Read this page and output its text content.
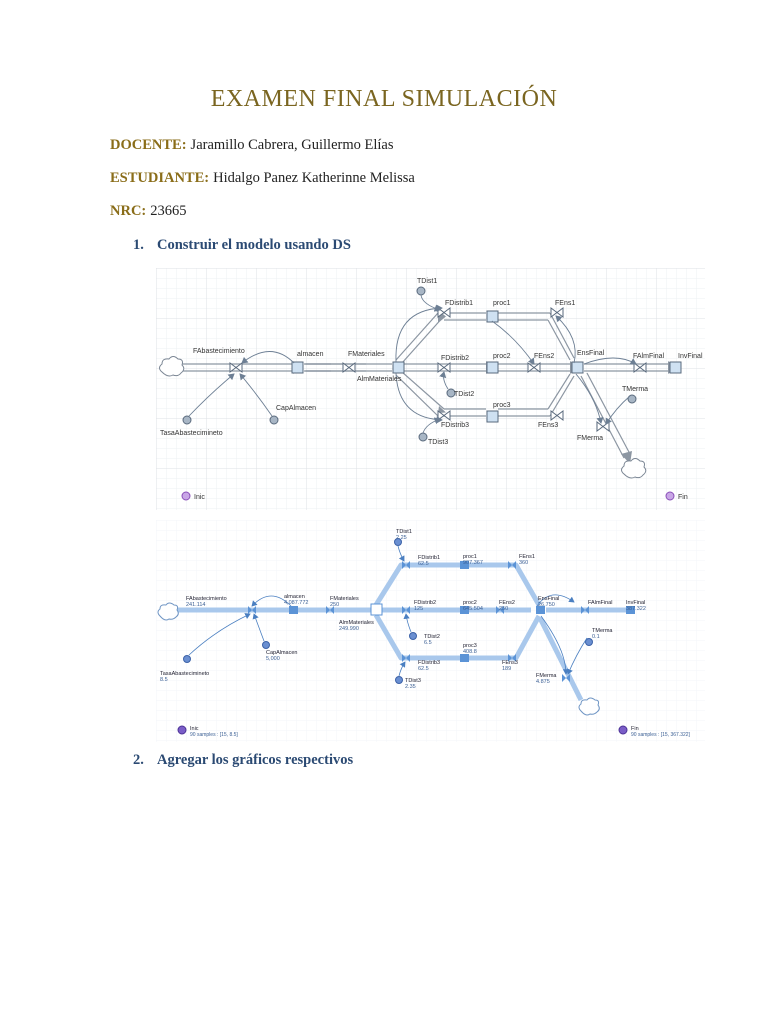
EXAMEN FINAL SIMULACIÓN
DOCENTE: Jaramillo Cabrera, Guillermo Elías
ESTUDIANTE: Hidalgo Panez Katherinne Melissa
NRC: 23665
1. Construir el modelo usando DS
FAbastecimiento	almacen	FMateriales
AlmMateriales
CapAlmacen
TasaAbastecimineto
TDist1
TDist2
TDist3
FDistrib1
FDistrib2
FDistrib3
proc1
proc2
proc3
FEns1
FEns2
FEns3
EnsFinal	FAlmFinal InvFinal
TMerma
FMerma
Inic	Fin
FAbastecimiento
241.114
almacen
4,087.772
FMateriales
250
AlmMateriales
249.990
CapAlmacen
5,000
TasaAbastecimineto
8.5
TDist1
2.25
TDist2
6.5
TDist3
2.35
FDistrib1
62.5
FDistrib2
125
FDistrib3
62.5
proc1
907.367
proc2
645.504
proc3
408.8
FEns1
360
FEns2
250
FEns3
189
EnsFinal
26.750	FAlmFinal InvFinal
387.322
TMerma
0.1
FMerma
4.875
Inic
90 samples : [15, 8.5]
Fin
90 samples : [15, 367.322]
2. Agregar los gráficos respectivos
